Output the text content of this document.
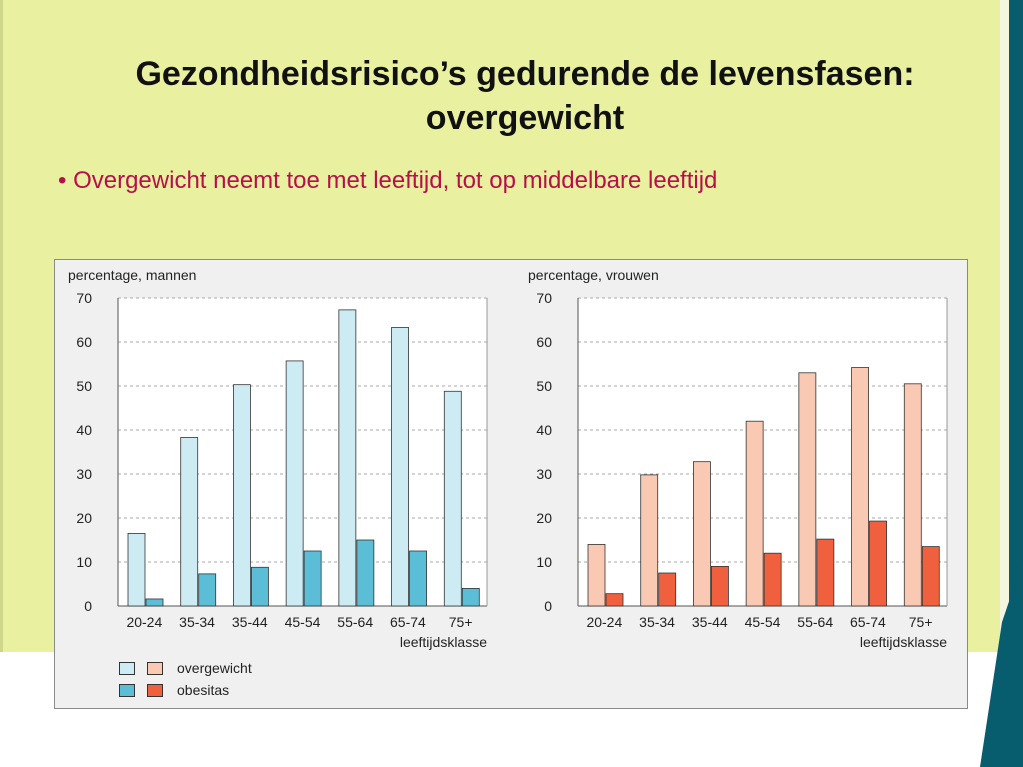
Gezondheidsrisico’s gedurende de levensfasen:
overgewicht
• Overgewicht neemt toe met leeftijd, tot op middelbare leeftijd
0
10
20
30
40
50
60
70
percentage, mannen
20-24 35-34 35-44 45-54 55-64 65-74 75+
leeftijdsklasse
0
10
20
30
40
50
60
70
percentage, vrouwen
20-24 35-34 35-44 45-54 55-64 65-74 75+
leeftijdsklasse
overgewicht
obesitas
